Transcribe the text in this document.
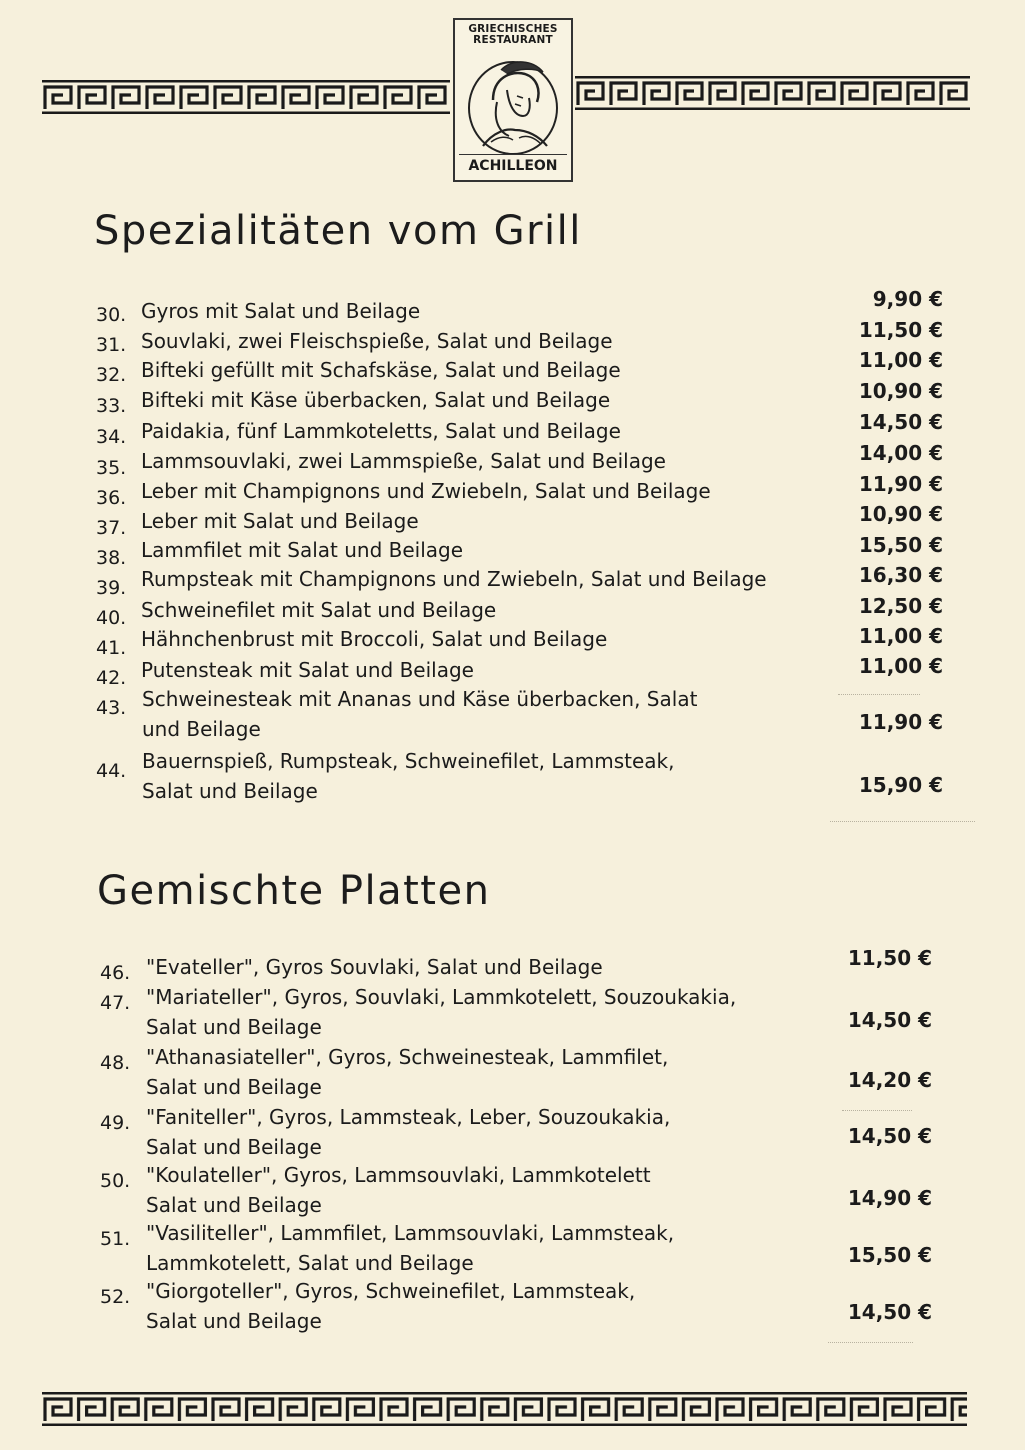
GRIECHISCHES
RESTAURANT
ACHILLEON
Spezialitäten vom Grill
30. Gyros mit Salat und Beilage	9,90 €
31. Souvlaki, zwei Fleischspieße, Salat und Beilage	11,50 €
32. Bifteki gefüllt mit Schafskäse, Salat und Beilage	11,00 €
33. Bifteki mit Käse überbacken, Salat und Beilage	10,90 €
34. Paidakia, fünf Lammkoteletts, Salat und Beilage	14,50 €
35. Lammsouvlaki, zwei Lammspieße, Salat und Beilage	14,00 €
36. Leber mit Champignons und Zwiebeln, Salat und Beilage	11,90 €
37. Leber mit Salat und Beilage	10,90 €
38. Lammfilet mit Salat und Beilage	15,50 €
39. Rumpsteak mit Champignons und Zwiebeln, Salat und Beilage	16,30 €
40. Schweinefilet mit Salat und Beilage	12,50 €
41. Hähnchenbrust mit Broccoli, Salat und Beilage	11,00 €
42. Putensteak mit Salat und Beilage	11,00 €
43. Schweinesteak mit Ananas und Käse überbacken, Salat
und Beilage	11,90 €
44. Bauernspieß, Rumpsteak, Schweinefilet, Lammsteak,
Salat und Beilage	15,90 €
Gemischte Platten
46. "Evateller", Gyros Souvlaki, Salat und Beilage	11,50 €
47. "Mariateller", Gyros, Souvlaki, Lammkotelett, Souzoukakia,
Salat und Beilage	14,50 €
48. "Athanasiateller", Gyros, Schweinesteak, Lammfilet,
Salat und Beilage	14,20 €
49. "Faniteller", Gyros, Lammsteak, Leber, Souzoukakia,
Salat und Beilage	14,50 €
50. "Koulateller", Gyros, Lammsouvlaki, Lammkotelett
Salat und Beilage	14,90 €
51. "Vasiliteller", Lammfilet, Lammsouvlaki, Lammsteak,
Lammkotelett, Salat und Beilage	15,50 €
52. "Giorgoteller", Gyros, Schweinefilet, Lammsteak,
Salat und Beilage	14,50 €
